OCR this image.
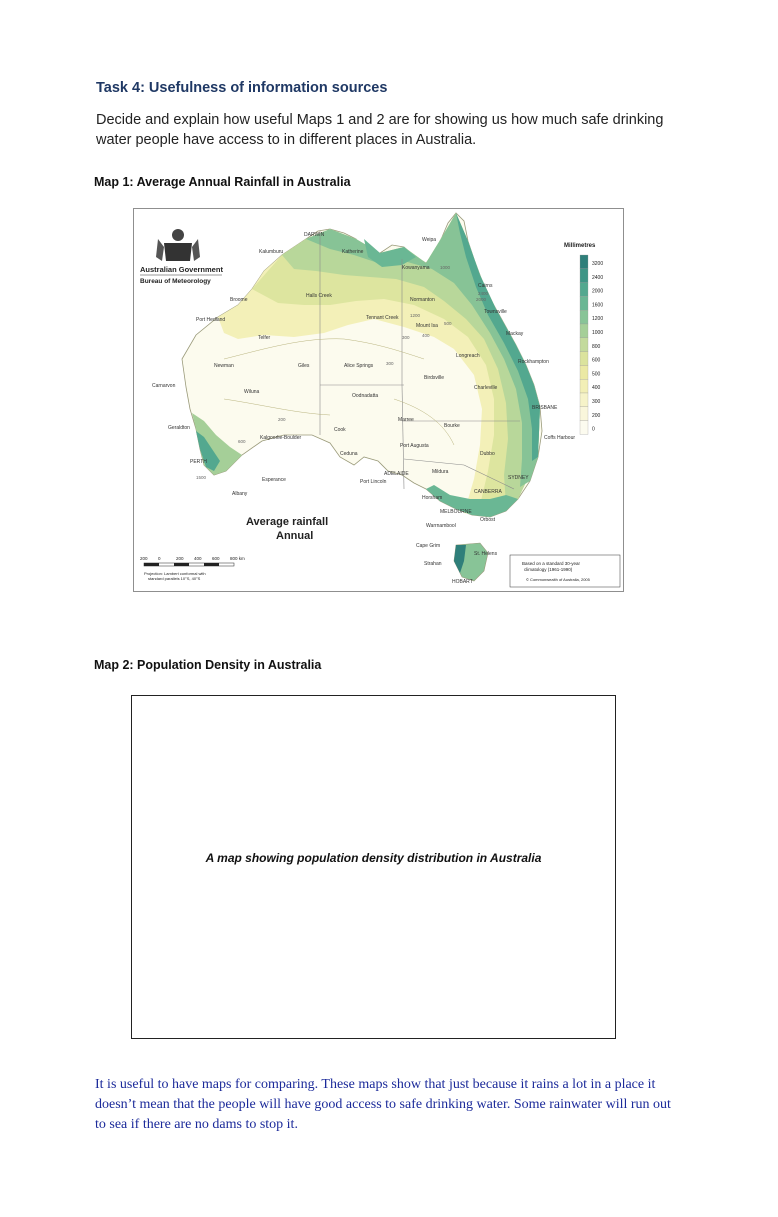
Task 4: Usefulness of information sources
Decide and explain how useful Maps 1 and 2 are for showing us how much safe drinking water people have access to in different places in Australia.
Map 1: Average Annual Rainfall in Australia
Australian Government
Bureau of Meteorology
DARWIN
Weipa
Kalumburu	Katherine
Kowanyama
Cairns
Townsville
Normanton
Broome
Halls Creek
Tennant Creek
Mount Isa
Mackay
Port Hedland
Telfer
Longreach
Rockhampton
Newman	Giles	Alice Springs
Birdsville
Carnarvon	Charleville
Wiluna
Oodnadatta
BRISBANE
Marree
Bourke
Geraldton
Coffs Harbour
Kalgoorlie-Boulder
Cook
Ceduna
Port Augusta
Dubbo
PERTH
Esperance
Mildura
SYDNEY
Port Lincoln
ADELAIDE
CANBERRA
Albany
Horsham
MELBOURNE
Warrnambool
Orbost
Cape Grim
St. Helens
Strahan
HOBART
300
300
200
400
500
600
1000
1200
2000
2400
1500
Average rainfall
Annual
Millimetres
3200
2400
2000
1600
1200
1000
800
600
500
400
300
200
0
200 0	200 400 600 800 km
Projection: Lambert conformal with
standard parallels 10°S, 40°S
Based on a standard 30-year
climatology (1961-1990)
© Commonwealth of Australia, 2005
Map 2: Population Density in Australia
A map showing population density distribution in Australia
It is useful to have maps for comparing. These maps show that just because it rains a lot in a place it doesn’t mean that the people will have good access to safe drinking water. Some rainwater will run out to sea if there are no dams to stop it.
